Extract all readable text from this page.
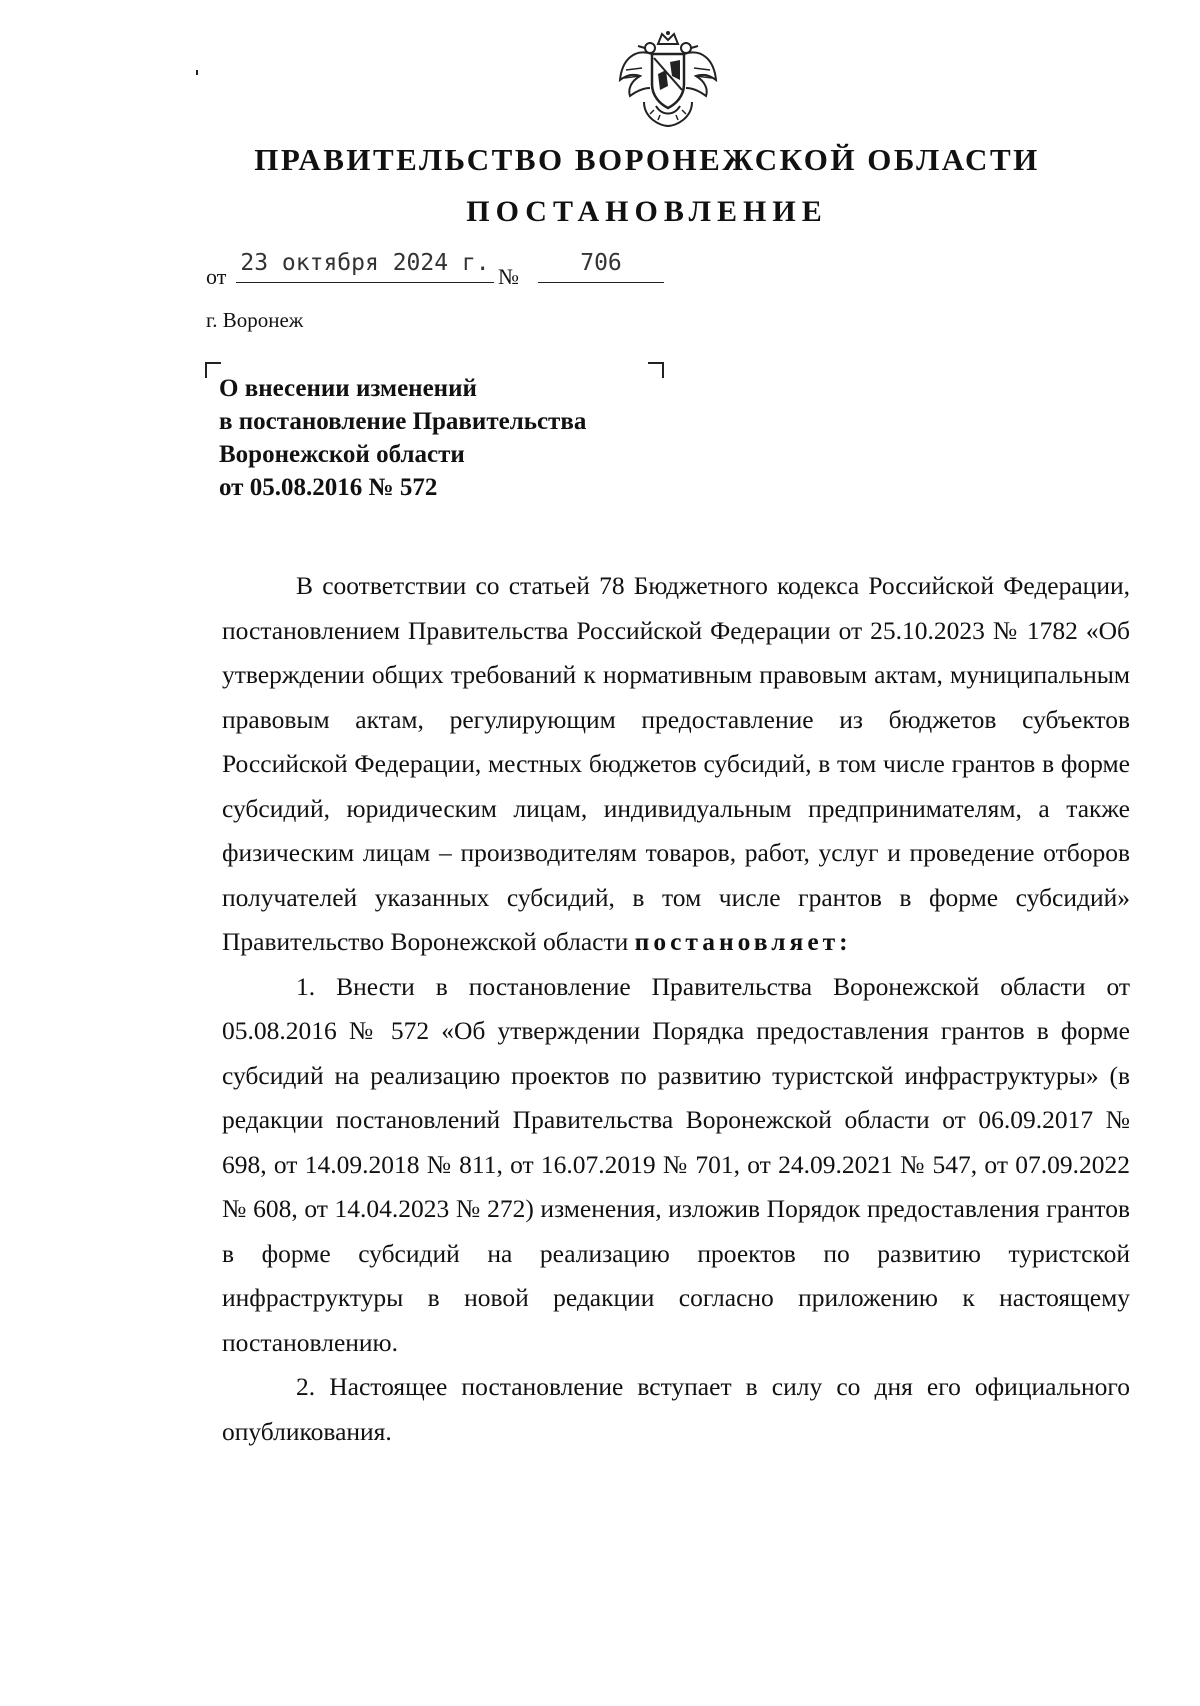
ПРАВИТЕЛЬСТВО ВОРОНЕЖСКОЙ ОБЛАСТИ
ПОСТАНОВЛЕНИЕ
от
23 октября 2024 г.
№
706
г. Воронеж
О внесении изменений
в постановление Правительства
Воронежской области
от 05.08.2016 № 572

В соответствии со статьей 78 Бюджетного кодекса Российской Федерации, постановлением Правительства Российской Федерации от 25.10.2023 № 1782 «Об утверждении общих требований к нормативным правовым актам, муниципальным правовым актам, регулирующим предоставление из бюджетов субъектов Российской Федерации, местных бюджетов субсидий, в том числе грантов в форме субсидий, юридическим лицам, индивидуальным предпринимателям, а также физическим лицам – производителям товаров, работ, услуг и проведение отборов получателей указанных субсидий, в том числе грантов в форме субсидий» Правительство Воронежской области постановляет:

1. Внести в постановление Правительства Воронежской области от 05.08.2016 № 572 «Об утверждении Порядка предоставления грантов в форме субсидий на реализацию проектов по развитию туристской инфраструктуры» (в редакции постановлений Правительства Воронежской области от 06.09.2017 № 698, от 14.09.2018 № 811, от 16.07.2019 № 701, от 24.09.2021 № 547, от 07.09.2022 № 608, от 14.04.2023 № 272) изменения, изложив Порядок предоставления грантов в форме субсидий на реализацию проектов по развитию туристской инфраструктуры в новой редакции согласно приложению к настоящему постановлению.

2. Настоящее постановление вступает в силу со дня его официального опубликования.
